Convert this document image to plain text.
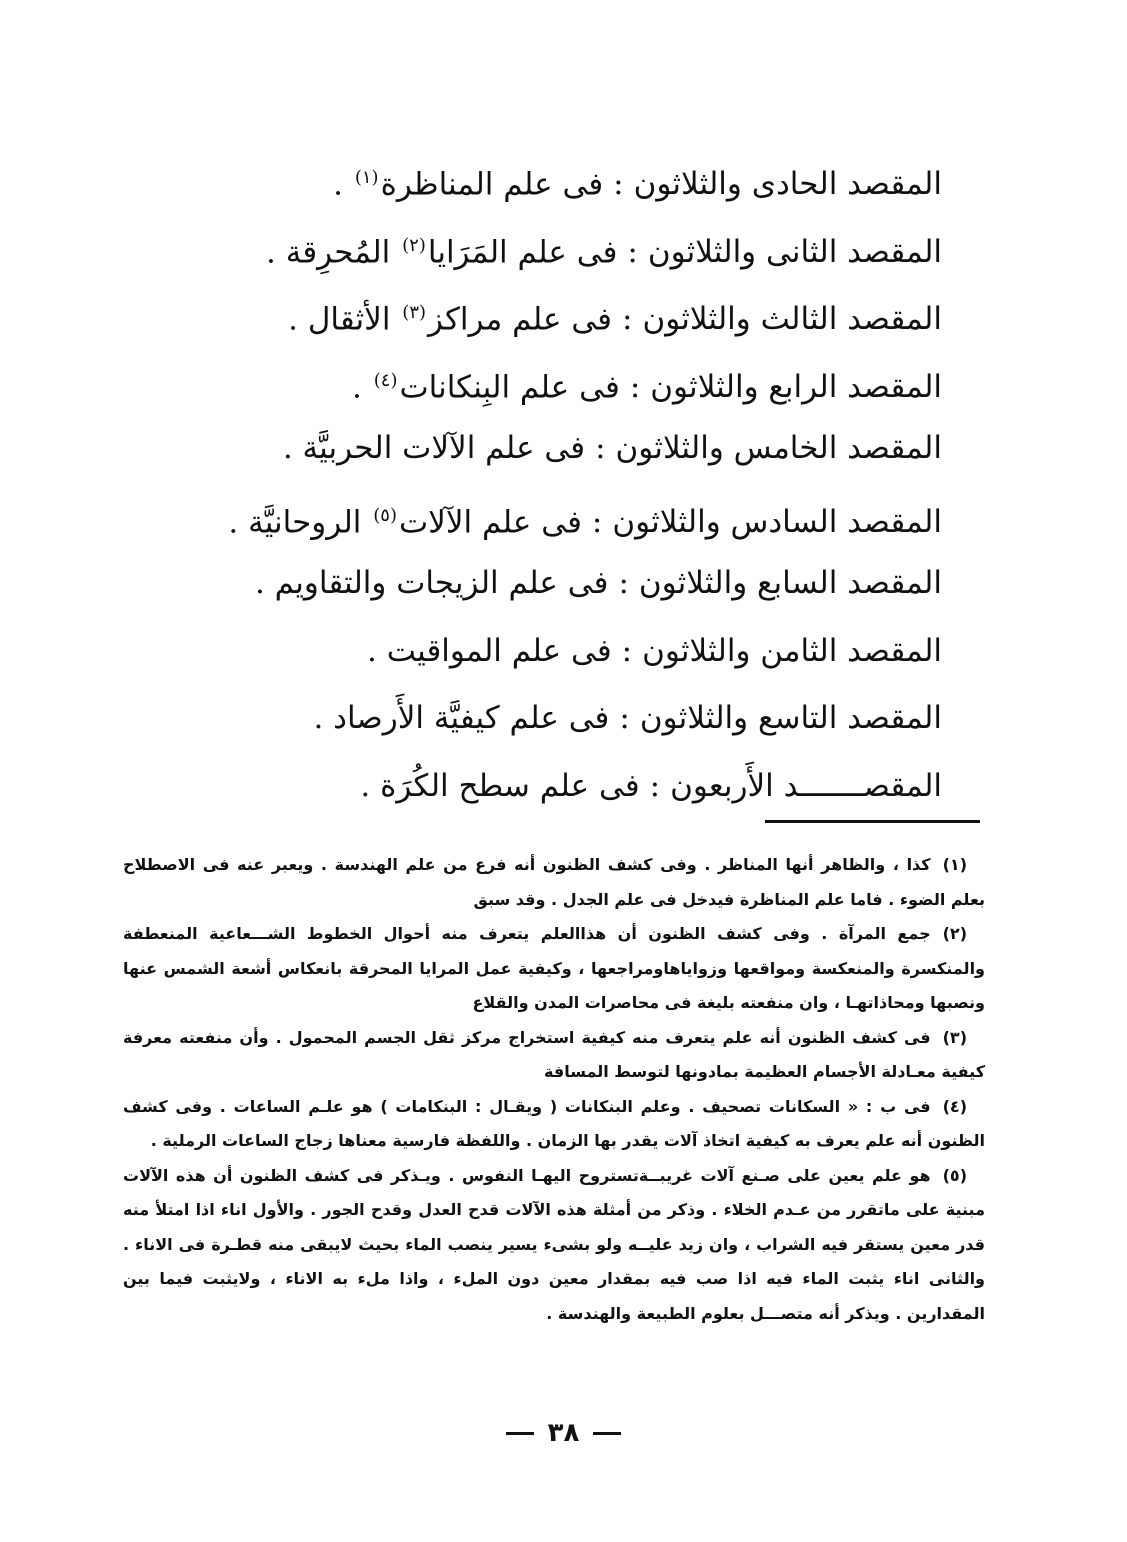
المقصد الحادى والثلاثون:فى علم المناظرة$^{(١)}$ .
المقصد الثانى والثلاثون:فى علم المَرَايا$^{(٢)}$ المُحرِقة .
المقصد الثالث والثلاثون:فى علم مراكز$^{(٣)}$ الأثقال .
المقصد الرابع والثلاثون:فى علم البِنكانات$^{(٤)}$ .
المقصد الخامس والثلاثون:فى علم الآلات الحربيَّة .
المقصد السادس والثلاثون:فى علم الآلات$^{(٥)}$ الروحانيَّة .
المقصد السابع والثلاثون:فى علم الزيجات والتقاويم .
المقصد الثامن والثلاثون:فى علم المواقيت .
المقصد التاسع والثلاثون:فى علم كيفيَّة الأَرصاد .
المقصـــــــد الأَربعون:فى علم سطح الكُرَة .
(١)كذا ، والظاهر أنها المناظر . وفى كشف الظنون أنه فرع من علم الهندسة . ويعبر عنه فى الاصطلاح بعلم الضوء . فاما علم المناظرة فيدخل فى علم الجدل . وقد سبق
(٢)جمع المرآة . وفى كشف الظنون أن هذاالعلم يتعرف منه أحوال الخطوط الشـــعاعية المنعطفة والمنكسرة والمنعكسة ومواقعها وزواياهاومراجعها ، وكيفية عمل المرايا المحرقة بانعكاس أشعة الشمس عنها ونصبها ومحاذاتهـا ، وان منفعته بليغة فى محاصرات المدن والقلاع
(٣)فى كشف الظنون أنه علم يتعرف منه كيفية استخراج مركز ثقل الجسم المحمول . وأن منفعته معرفة كيفية معـادلة الأجسام العظيمة بمادونها لتوسط المسافة
(٤)فى ب : « السكانات تصحيف . وعلم البنكانات ( ويقـال : البنكامات ) هو علـم الساعات . وفى كشف الظنون أنه علم يعرف به كيفية اتخاذ آلات يقدر بها الزمان . واللفظة فارسية معناها زجاج الساعات الرملية .
(٥)هو علم يعين على صـنع آلات غريبــةتستروح اليهـا النفوس . ويـذكر فى كشف الظنون أن هذه الآلات مبنية على ماتقرر من عـدم الخلاء . وذكر من أمثلة هذه الآلات قدح العدل وقدح الجور . والأول اناء اذا امتلأ منه قدر معين يستقر فيه الشراب ، وان زيد عليــه ولو بشىء يسير ينصب الماء بحيث لايبقى منه قطـرة فى الاناء . والثانى اناء يثبت الماء فيه اذا صب فيه بمقدار معين دون الملء ، واذا ملء به الاناء ، ولايثبت فيما بين المقدارين . ويذكر أنه متصـــل بعلوم الطبيعة والهندسة .
٣٨
